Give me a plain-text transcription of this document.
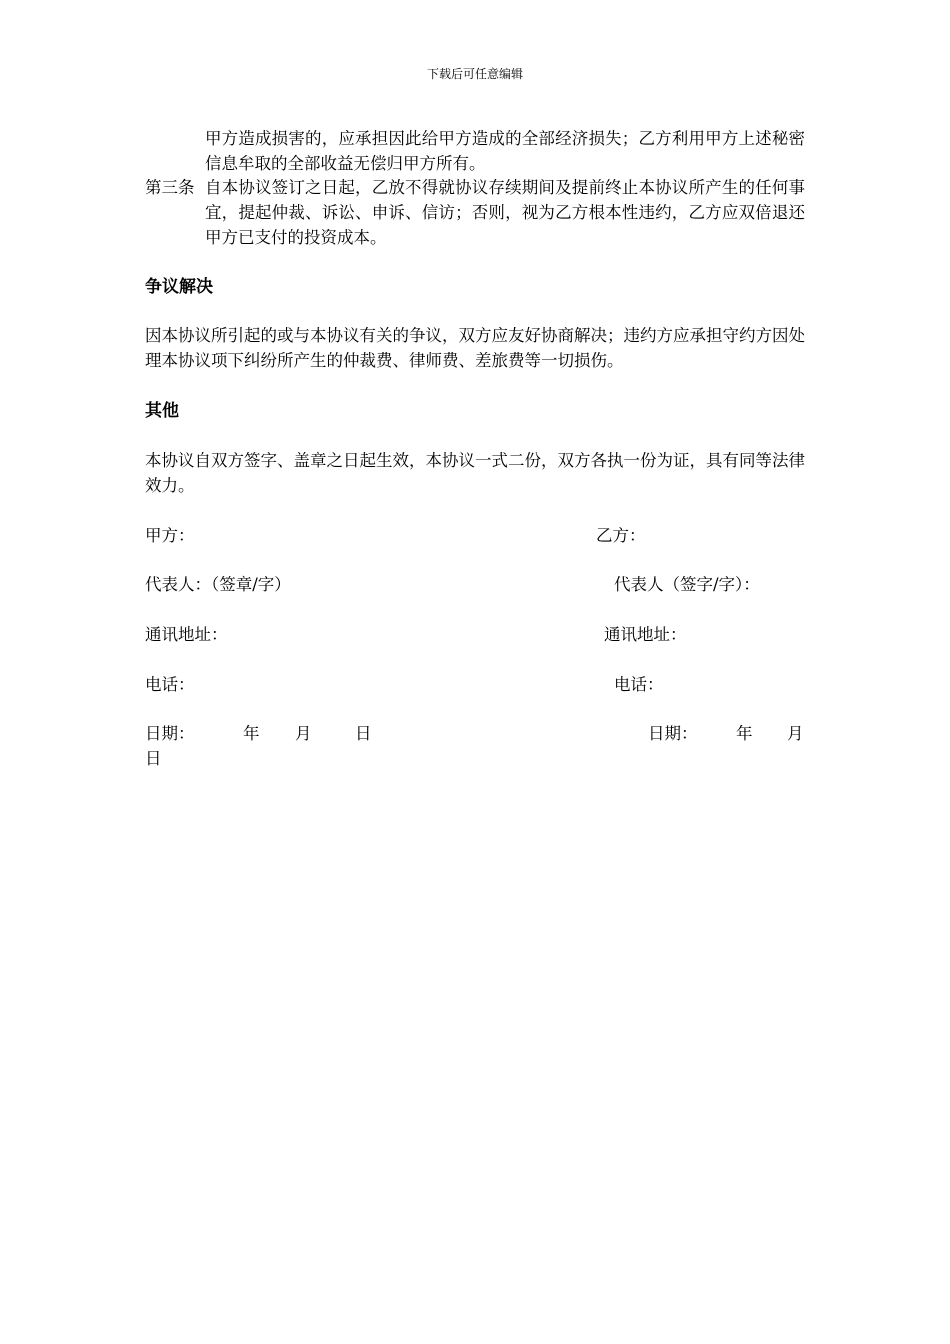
下载后可任意编辑
甲方造成损害的，应承担因此给甲方造成的全部经济损失；乙方利用甲方上述秘密信息牟取的全部收益无偿归甲方所有。
第三条 自本协议签订之日起，乙放不得就协议存续期间及提前终止本协议所产生的任何事宜，提起仲裁、诉讼、申诉、信访；否则，视为乙方根本性违约，乙方应双倍退还甲方已支付的投资成本。
争议解决
因本协议所引起的或与本协议有关的争议，双方应友好协商解决；违约方应承担守约方因处理本协议项下纠纷所产生的仲裁费、律师费、差旅费等一切损伤。
其他
本协议自双方签字、盖章之日起生效，本协议一式二份，双方各执一份为证，具有同等法律效力。
甲方：	乙方：
代表人：（签章/字）	代表人（签字/字）：
通讯地址：	通讯地址：
电话：	电话：
日期：	年 月	日	日期： 年 月
日
